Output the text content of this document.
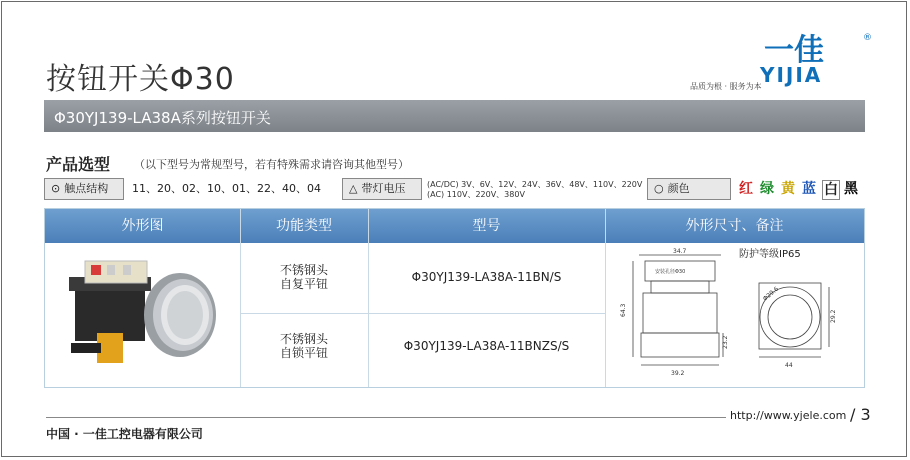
按钮开关Φ30
一佳	®
YIJIA
品质为根 · 服务为本
Φ30YJ139-LA38A系列按钮开关
产品选型 （以下型号为常规型号，若有特殊需求请咨询其他型号）
⊙ 触点结构	11、20、02、10、01、22、40、04	△ 带灯电压	(AC/DC) 3V、6V、12V、24V、36V、48V、110V、220V
(AC) 110V、220V、380V	○ 颜色	红 绿 黄 蓝 白 黑
外形图	功能类型	型号	外形尺寸、备注
不锈钢头
自复平钮	Φ30YJ139-LA38A-11BN/S
不锈钢头
自锁平钮	Φ30YJ139-LA38A-11BNZS/S
34.7
安装孔径Φ30
64.3
23.2
39.2
Φ29.6
29.2
44
防护等级IP65
中国 · 一佳工控电器有限公司
http://www.yjele.com / 3
